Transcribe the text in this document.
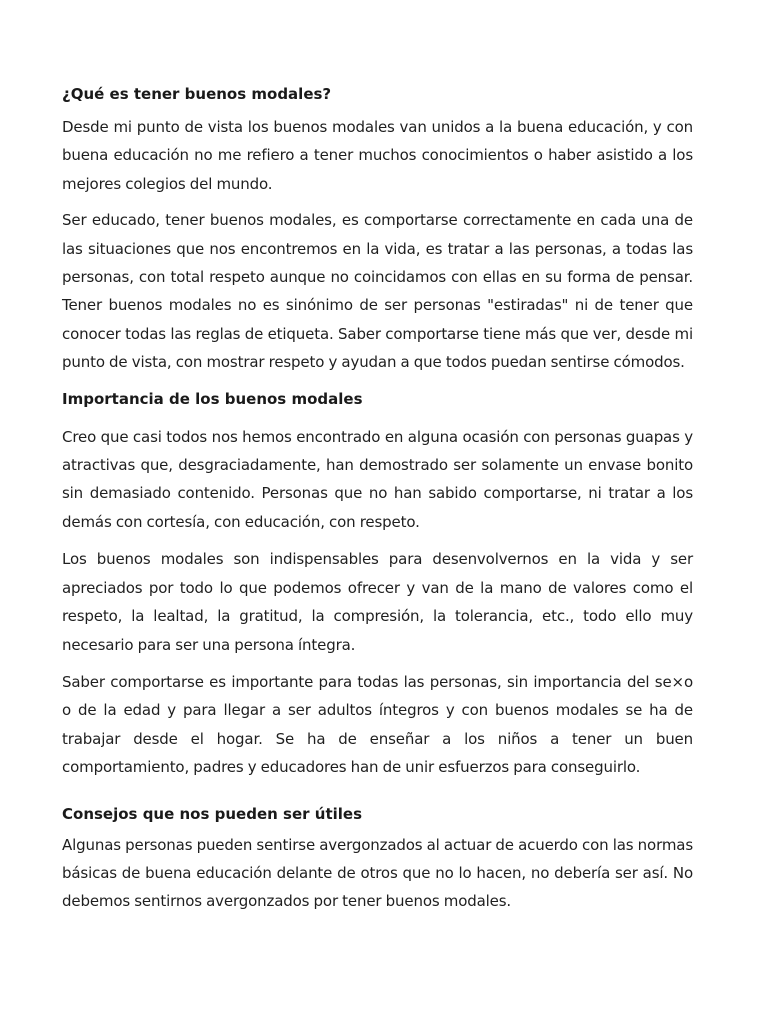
¿Qué es tener buenos modales?

Desde mi punto de vista los buenos modales van unidos a la buena educación, y con buena educación no me refiero a tener muchos conocimientos o haber asistido a los mejores colegios del mundo.

Ser educado, tener buenos modales, es comportarse correctamente en cada una de las situaciones que nos encontremos en la vida, es tratar a las personas, a todas las personas, con total respeto aunque no coincidamos con ellas en su forma de pensar. Tener buenos modales no es sinónimo de ser personas "estiradas" ni de tener que conocer todas las reglas de etiqueta. Saber comportarse tiene más que ver, desde mi punto de vista, con mostrar respeto y ayudan a que todos puedan sentirse cómodos.

Importancia de los buenos modales

Creo que casi todos nos hemos encontrado en alguna ocasión con personas guapas y atractivas que, desgraciadamente, han demostrado ser solamente un envase bonito sin demasiado contenido. Personas que no han sabido comportarse, ni tratar a los demás con cortesía, con educación, con respeto.

Los buenos modales son indispensables para desenvolvernos en la vida y ser apreciados por todo lo que podemos ofrecer y van de la mano de valores como el respeto, la lealtad, la gratitud, la compresión, la tolerancia, etc., todo ello muy necesario para ser una persona íntegra.

Saber comportarse es importante para todas las personas, sin importancia del se×o o de la edad y para llegar a ser adultos íntegros y con buenos modales se ha de trabajar desde el hogar. Se ha de enseñar a los niños a tener un buen comportamiento, padres y educadores han de unir esfuerzos para conseguirlo.

Consejos que nos pueden ser útiles

Algunas personas pueden sentirse avergonzados al actuar de acuerdo con las normas básicas de buena educación delante de otros que no lo hacen, no debería ser así. No debemos sentirnos avergonzados por tener buenos modales.
